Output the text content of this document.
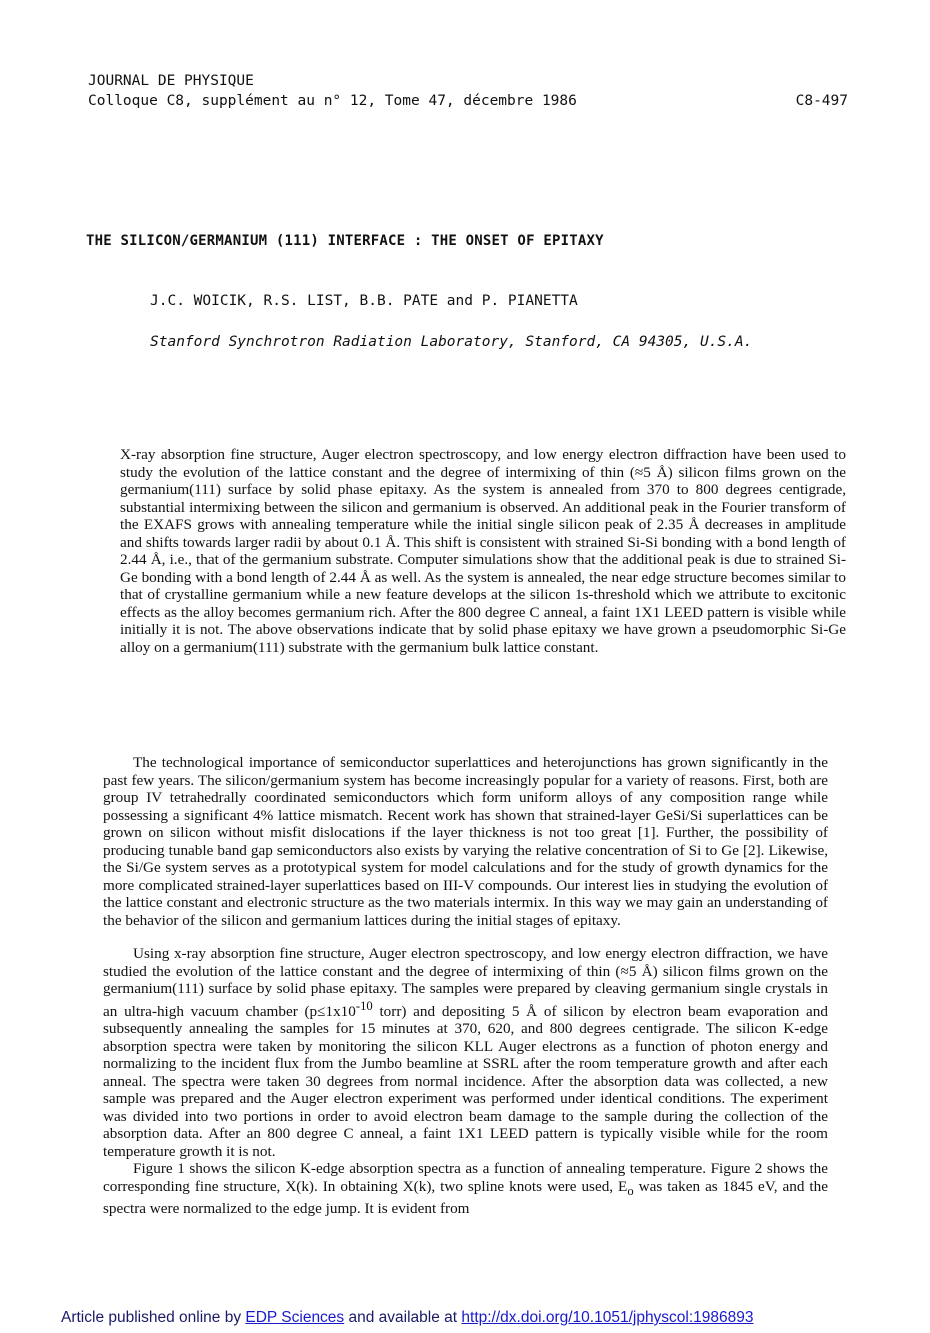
JOURNAL DE PHYSIQUE
Colloque C8, supplément au n° 12, Tome 47, décembre 1986	C8-497
THE SILICON/GERMANIUM (111) INTERFACE : THE ONSET OF EPITAXY
J.C. WOICIK, R.S. LIST, B.B. PATE and P. PIANETTA
Stanford Synchrotron Radiation Laboratory, Stanford, CA 94305, U.S.A.
X-ray absorption fine structure, Auger electron spectroscopy, and low energy electron diffraction have been used to study the evolution of the lattice constant and the degree of intermixing of thin (≈5 Å) silicon films grown on the germanium(111) surface by solid phase epitaxy. As the system is annealed from 370 to 800 degrees centigrade, substantial intermixing between the silicon and germanium is observed. An additional peak in the Fourier transform of the EXAFS grows with annealing temperature while the initial single silicon peak of 2.35 Å decreases in amplitude and shifts towards larger radii by about 0.1 Å. This shift is consistent with strained Si-Si bonding with a bond length of 2.44 Å, i.e., that of the germanium substrate. Computer simulations show that the additional peak is due to strained Si-Ge bonding with a bond length of 2.44 Å as well. As the system is annealed, the near edge structure becomes similar to that of crystalline germanium while a new feature develops at the silicon 1s-threshold which we attribute to excitonic effects as the alloy becomes germanium rich. After the 800 degree C anneal, a faint 1X1 LEED pattern is visible while initially it is not. The above observations indicate that by solid phase epitaxy we have grown a pseudomorphic Si-Ge alloy on a germanium(111) substrate with the germanium bulk lattice constant.

The technological importance of semiconductor superlattices and heterojunctions has grown significantly in the past few years. The silicon/germanium system has become increasingly popular for a variety of reasons. First, both are group IV tetrahedrally coordinated semiconductors which form uniform alloys of any composition range while possessing a significant 4% lattice mismatch. Recent work has shown that strained-layer GeSi/Si superlattices can be grown on silicon without misfit dislocations if the layer thickness is not too great [1]. Further, the possibility of producing tunable band gap semiconductors also exists by varying the relative concentration of Si to Ge [2]. Likewise, the Si/Ge system serves as a prototypical system for model calculations and for the study of growth dynamics for the more complicated strained-layer superlattices based on III-V compounds. Our interest lies in studying the evolution of the lattice constant and electronic structure as the two materials intermix. In this way we may gain an understanding of the behavior of the silicon and germanium lattices during the initial stages of epitaxy.

Using x-ray absorption fine structure, Auger electron spectroscopy, and low energy electron diffraction, we have studied the evolution of the lattice constant and the degree of intermixing of thin (≈5 Å) silicon films grown on the germanium(111) surface by solid phase epitaxy. The samples were prepared by cleaving germanium single crystals in an ultra-high vacuum chamber ($p\le 1x10^{-10}$ torr) and depositing 5 Å of silicon by electron beam evaporation and subsequently annealing the samples for 15 minutes at 370, 620, and 800 degrees centigrade. The silicon K-edge absorption spectra were taken by monitoring the silicon KLL Auger electrons as a function of photon energy and normalizing to the incident flux from the Jumbo beamline at SSRL after the room temperature growth and after each anneal. The spectra were taken 30 degrees from normal incidence. After the absorption data was collected, a new sample was prepared and the Auger electron experiment was performed under identical conditions. The experiment was divided into two portions in order to avoid electron beam damage to the sample during the collection of the absorption data. After an 800 degree C anneal, a faint 1X1 LEED pattern is typically visible while for the room temperature growth it is not.

Figure 1 shows the silicon K-edge absorption spectra as a function of annealing temperature. Figure 2 shows the corresponding fine structure, X(k). In obtaining X(k), two spline knots were used, $E_o$ was taken as 1845 eV, and the spectra were normalized to the edge jump. It is evident from

Article published online by EDP Sciences and available at http://dx.doi.org/10.1051/jphyscol:1986893
